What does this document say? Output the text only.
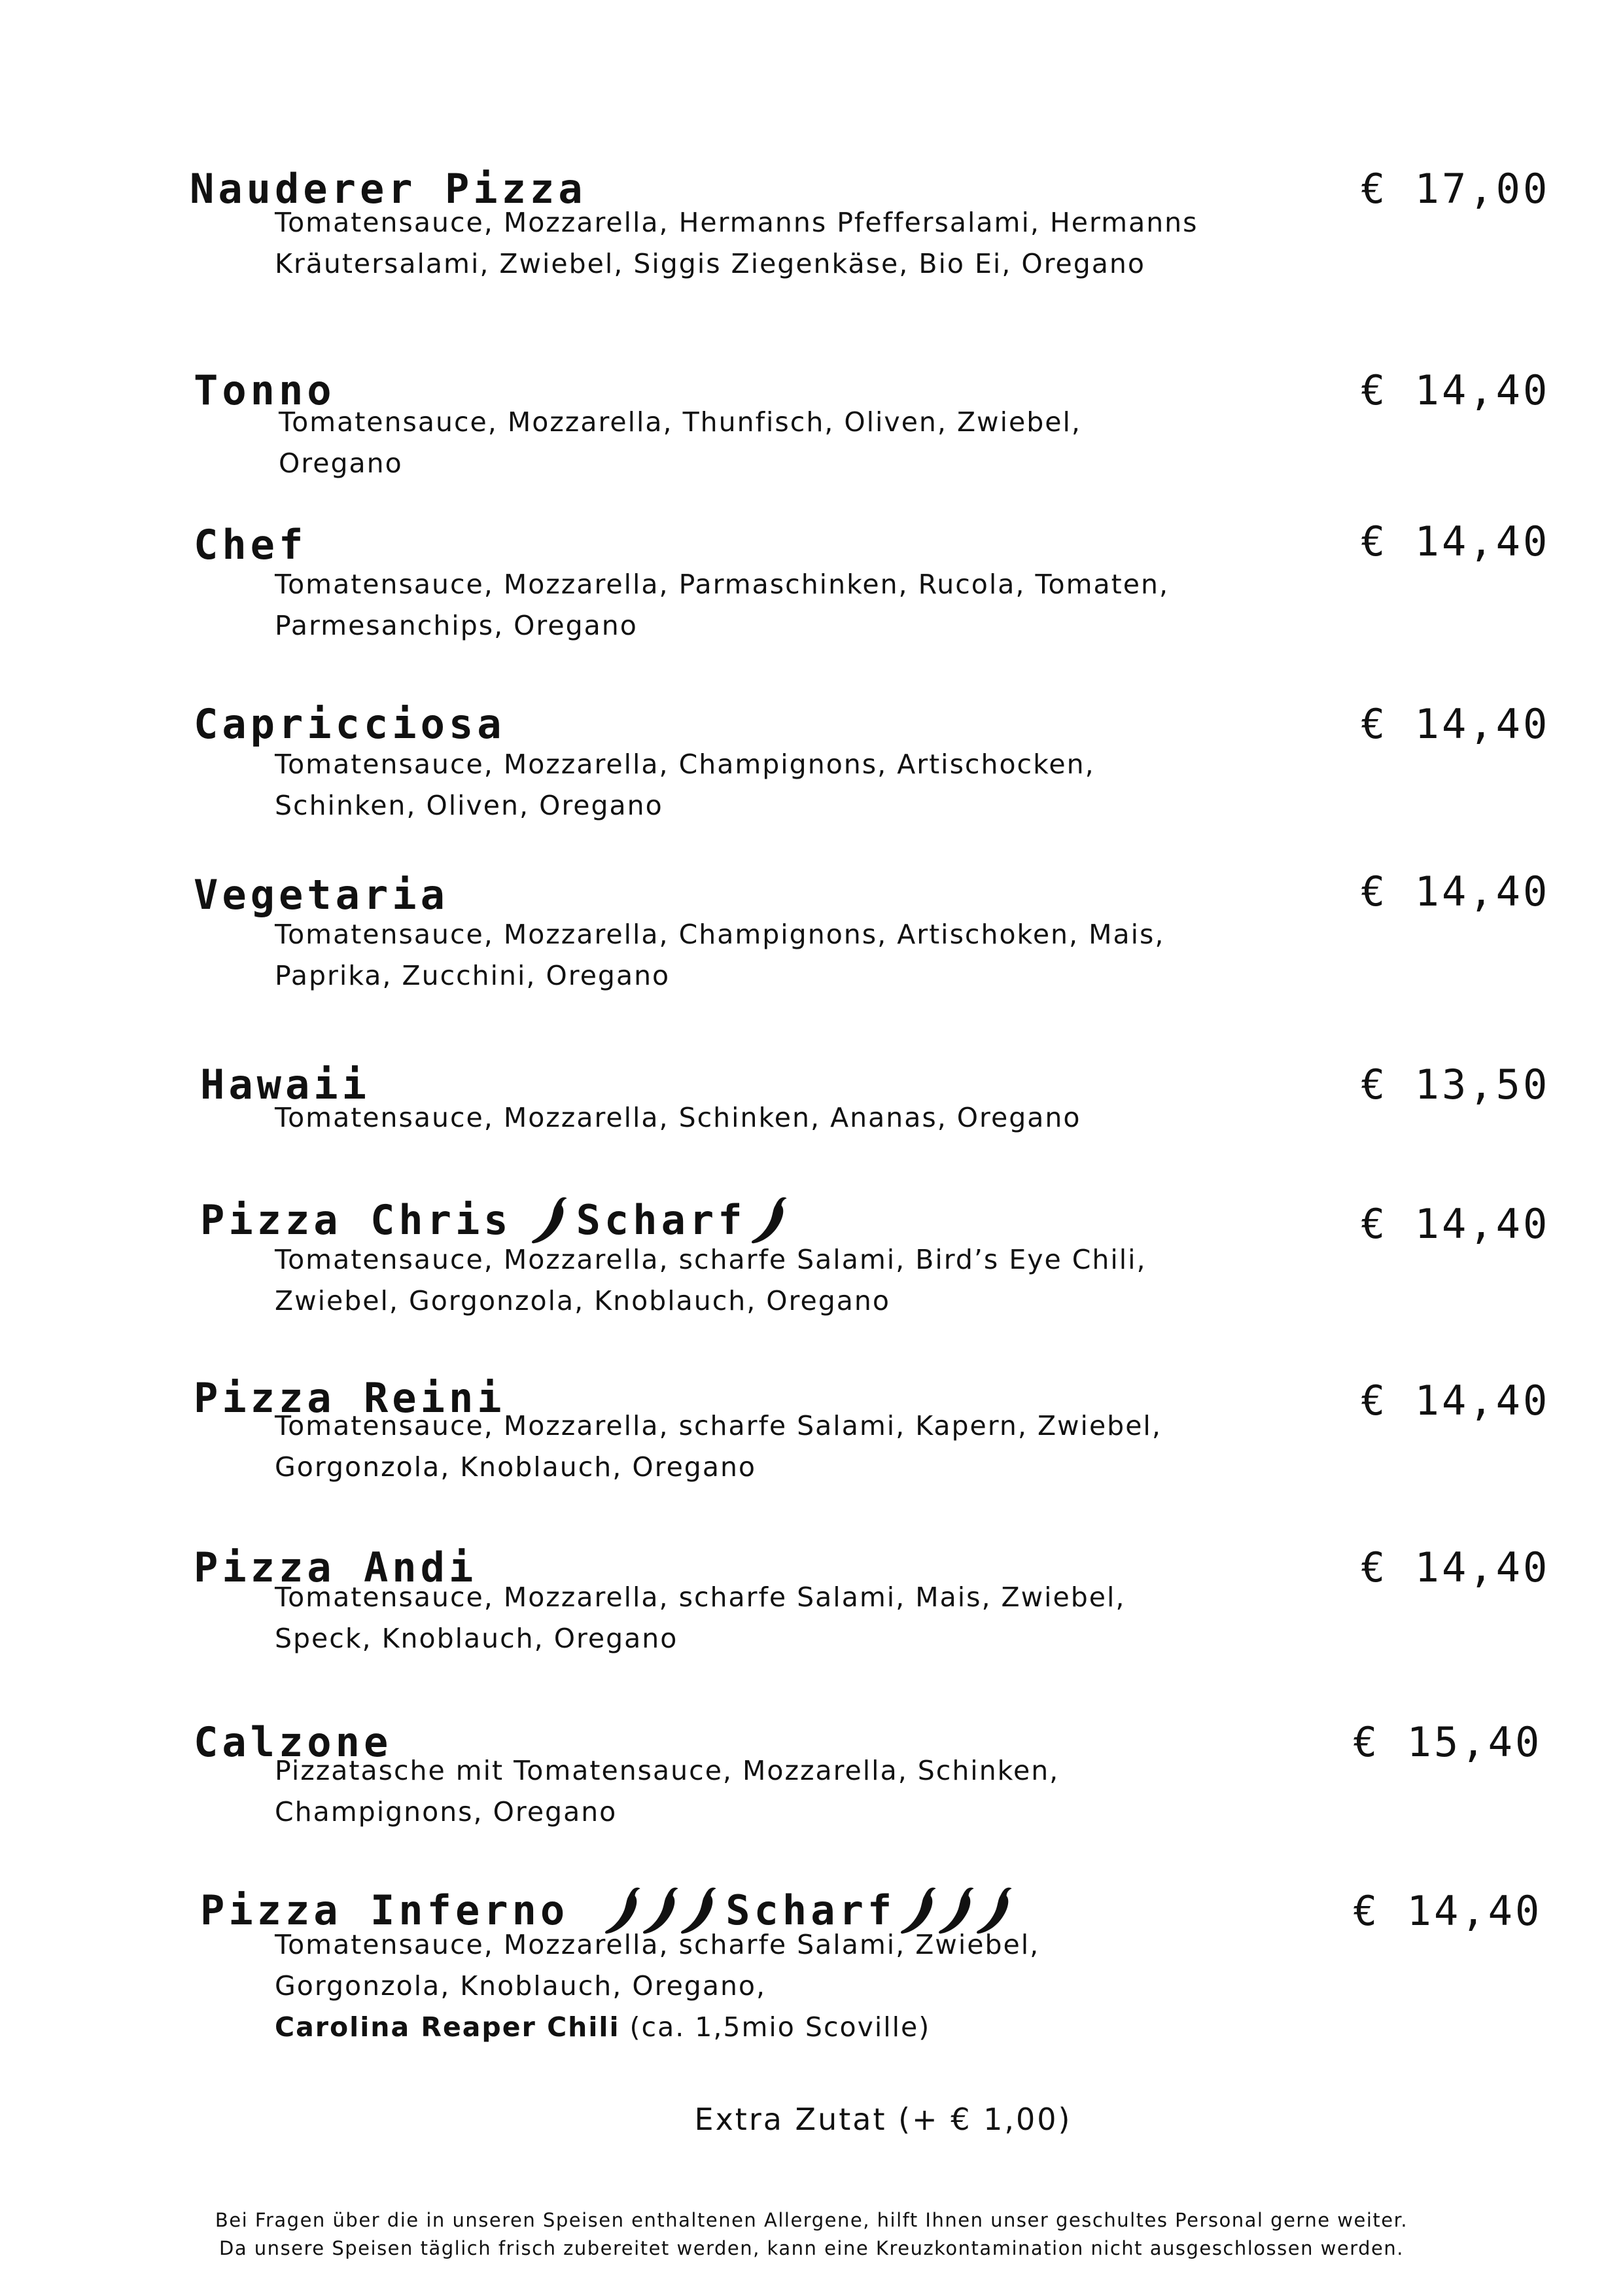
Nauderer Pizza	€ 17,00
Tomatensauce, Mozzarella, Hermanns Pfeffersalami, Hermanns
Kräutersalami, Zwiebel, Siggis Ziegenkäse, Bio Ei, Oregano
Tonno	€ 14,40
Tomatensauce, Mozzarella, Thunfisch, Oliven, Zwiebel,
Oregano
Chef	€ 14,40
Tomatensauce, Mozzarella, Parmaschinken, Rucola, Tomaten,
Parmesanchips, Oregano
Capricciosa	€ 14,40
Tomatensauce, Mozzarella, Champignons, Artischocken,
Schinken, Oliven, Oregano
Vegetaria	€ 14,40
Tomatensauce, Mozzarella, Champignons, Artischoken, Mais,
Paprika, Zucchini, Oregano
Hawaii	€ 13,50
Tomatensauce, Mozzarella, Schinken, Ananas, Oregano
Pizza Chris Scharf	€ 14,40
Tomatensauce, Mozzarella, scharfe Salami, Bird’s Eye Chili,
Zwiebel, Gorgonzola, Knoblauch, Oregano
Pizza Reini	€ 14,40
Tomatensauce, Mozzarella, scharfe Salami, Kapern, Zwiebel,
Gorgonzola, Knoblauch, Oregano
Pizza Andi	€ 14,40
Tomatensauce, Mozzarella, scharfe Salami, Mais, Zwiebel,
Speck, Knoblauch, Oregano
Calzone	€ 15,40
Pizzatasche mit Tomatensauce, Mozzarella, Schinken,
Champignons, Oregano
Pizza Inferno	Scharf	€ 14,40
Tomatensauce, Mozzarella, scharfe Salami, Zwiebel,
Gorgonzola, Knoblauch, Oregano,
Carolina Reaper Chili (ca. 1,5mio Scoville)
Extra Zutat (+ € 1,00)
Bei Fragen über die in unseren Speisen enthaltenen Allergene, hilft Ihnen unser geschultes Personal gerne weiter.
Da unsere Speisen täglich frisch zubereitet werden, kann eine Kreuzkontamination nicht ausgeschlossen werden.
